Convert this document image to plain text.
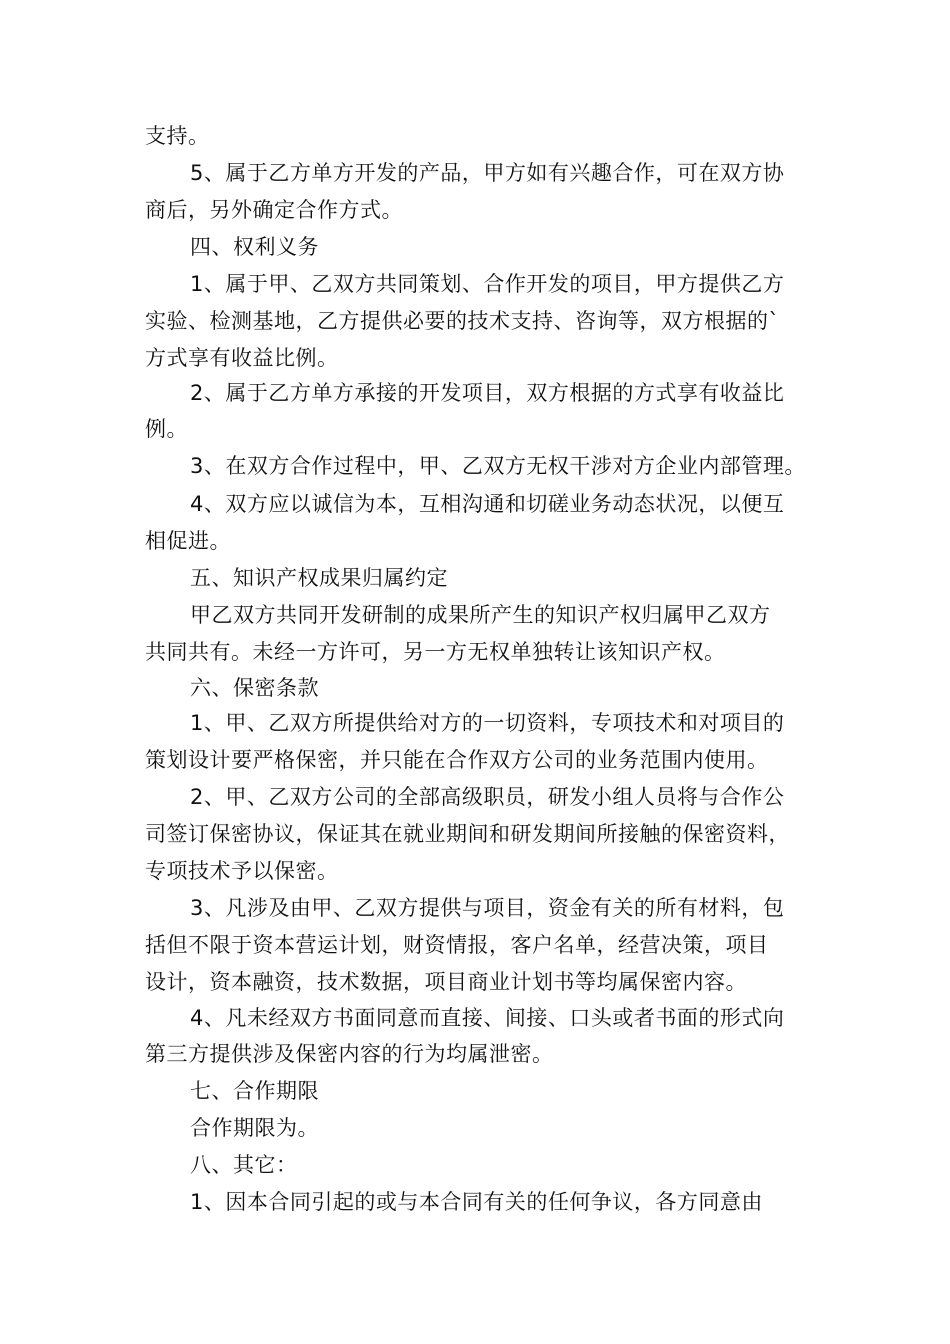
支持。
5、属于乙方单方开发的产品，甲方如有兴趣合作，可在双方协
商后，另外确定合作方式。
四、权利义务
1、属于甲、乙双方共同策划、合作开发的项目，甲方提供乙方
实验、检测基地，乙方提供必要的技术支持、咨询等，双方根据的`
方式享有收益比例。
2、属于乙方单方承接的开发项目，双方根据的方式享有收益比
例。
3、在双方合作过程中，甲、乙双方无权干涉对方企业内部管理。
4、双方应以诚信为本，互相沟通和切磋业务动态状况，以便互
相促进。
五、知识产权成果归属约定
甲乙双方共同开发研制的成果所产生的知识产权归属甲乙双方
共同共有。未经一方许可，另一方无权单独转让该知识产权。
六、保密条款
1、甲、乙双方所提供给对方的一切资料，专项技术和对项目的
策划设计要严格保密，并只能在合作双方公司的业务范围内使用。
2、甲、乙双方公司的全部高级职员，研发小组人员将与合作公
司签订保密协议，保证其在就业期间和研发期间所接触的保密资料，
专项技术予以保密。
3、凡涉及由甲、乙双方提供与项目，资金有关的所有材料，包
括但不限于资本营运计划，财资情报，客户名单，经营决策，项目
设计，资本融资，技术数据，项目商业计划书等均属保密内容。
4、凡未经双方书面同意而直接、间接、口头或者书面的形式向
第三方提供涉及保密内容的行为均属泄密。
七、合作期限
合作期限为。
八、其它：
1、因本合同引起的或与本合同有关的任何争议，各方同意由
